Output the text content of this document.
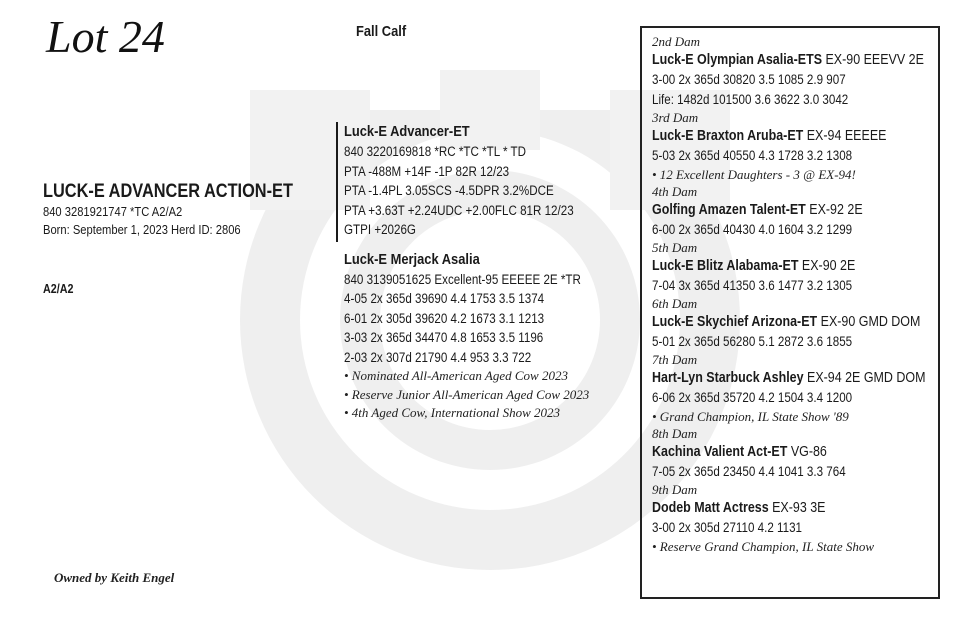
Lot 24	Fall Calf
LUCK-E ADVANCER ACTION-ET
840 3281921747 *TC A2/A2
Born: September 1, 2023 Herd ID: 2806
A2/A2
Luck-E Advancer-ET
840 3220169818 *RC *TC *TL * TD
PTA -488M +14F -1P 82R 12/23
PTA -1.4PL 3.05SCS -4.5DPR 3.2%DCE
PTA +3.63T +2.24UDC +2.00FLC 81R 12/23
GTPI +2026G
Luck-E Merjack Asalia
840 3139051625 Excellent-95 EEEEE 2E *TR
4-05 2x 365d 39690 4.4 1753 3.5 1374
6-01 2x 305d 39620 4.2 1673 3.1 1213
3-03 2x 365d 34470 4.8 1653 3.5 1196
2-03 2x 307d 21790 4.4 953 3.3 722
• Nominated All-American Aged Cow 2023
• Reserve Junior All-American Aged Cow 2023
• 4th Aged Cow, International Show 2023
Owned by Keith Engel
2nd Dam
Luck-E Olympian Asalia-ETS EX-90 EEEVV 2E
3-00 2x 365d 30820 3.5 1085 2.9 907
Life: 1482d 101500 3.6 3622 3.0 3042
3rd Dam
Luck-E Braxton Aruba-ET EX-94 EEEEE
5-03 2x 365d 40550 4.3 1728 3.2 1308
• 12 Excellent Daughters - 3 @ EX-94!
4th Dam
Golfing Amazen Talent-ET EX-92 2E
6-00 2x 365d 40430 4.0 1604 3.2 1299
5th Dam
Luck-E Blitz Alabama-ET EX-90 2E
7-04 3x 365d 41350 3.6 1477 3.2 1305
6th Dam
Luck-E Skychief Arizona-ET EX-90 GMD DOM
5-01 2x 365d 56280 5.1 2872 3.6 1855
7th Dam
Hart-Lyn Starbuck Ashley EX-94 2E GMD DOM
6-06 2x 365d 35720 4.2 1504 3.4 1200
• Grand Champion, IL State Show '89
8th Dam
Kachina Valient Act-ET VG-86
7-05 2x 365d 23450 4.4 1041 3.3 764
9th Dam
Dodeb Matt Actress EX-93 3E
3-00 2x 305d 27110 4.2 1131
• Reserve Grand Champion, IL State Show
